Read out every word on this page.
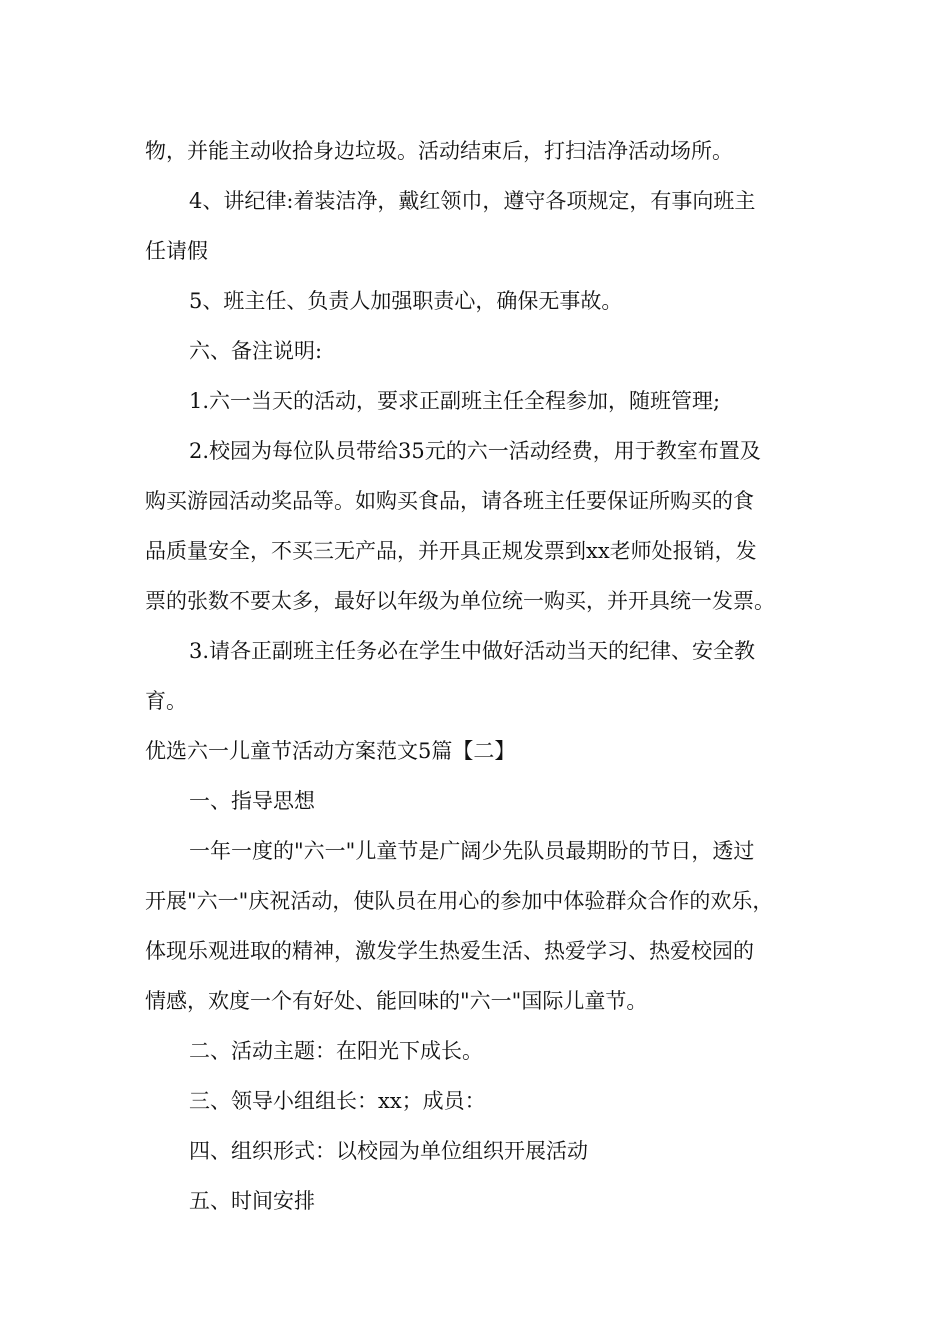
物，并能主动收拾身边垃圾。活动结束后，打扫洁净活动场所。

4、讲纪律:着装洁净，戴红领巾，遵守各项规定，有事向班主

任请假

5、班主任、负责人加强职责心，确保无事故。

六、备注说明:

1.六一当天的活动，要求正副班主任全程参加，随班管理;

2.校园为每位队员带给35元的六一活动经费，用于教室布置及

购买游园活动奖品等。如购买食品，请各班主任要保证所购买的食

品质量安全，不买三无产品，并开具正规发票到xx老师处报销，发

票的张数不要太多，最好以年级为单位统一购买，并开具统一发票。

3.请各正副班主任务必在学生中做好活动当天的纪律、安全教

育。

优选六一儿童节活动方案范文5篇【二】

一、指导思想

一年一度的"六一"儿童节是广阔少先队员最期盼的节日，透过

开展"六一"庆祝活动，使队员在用心的参加中体验群众合作的欢乐，

体现乐观进取的精神，激发学生热爱生活、热爱学习、热爱校园的

情感，欢度一个有好处、能回味的"六一"国际儿童节。

二、活动主题：在阳光下成长。

三、领导小组组长：xx；成员：

四、组织形式：以校园为单位组织开展活动

五、时间安排
